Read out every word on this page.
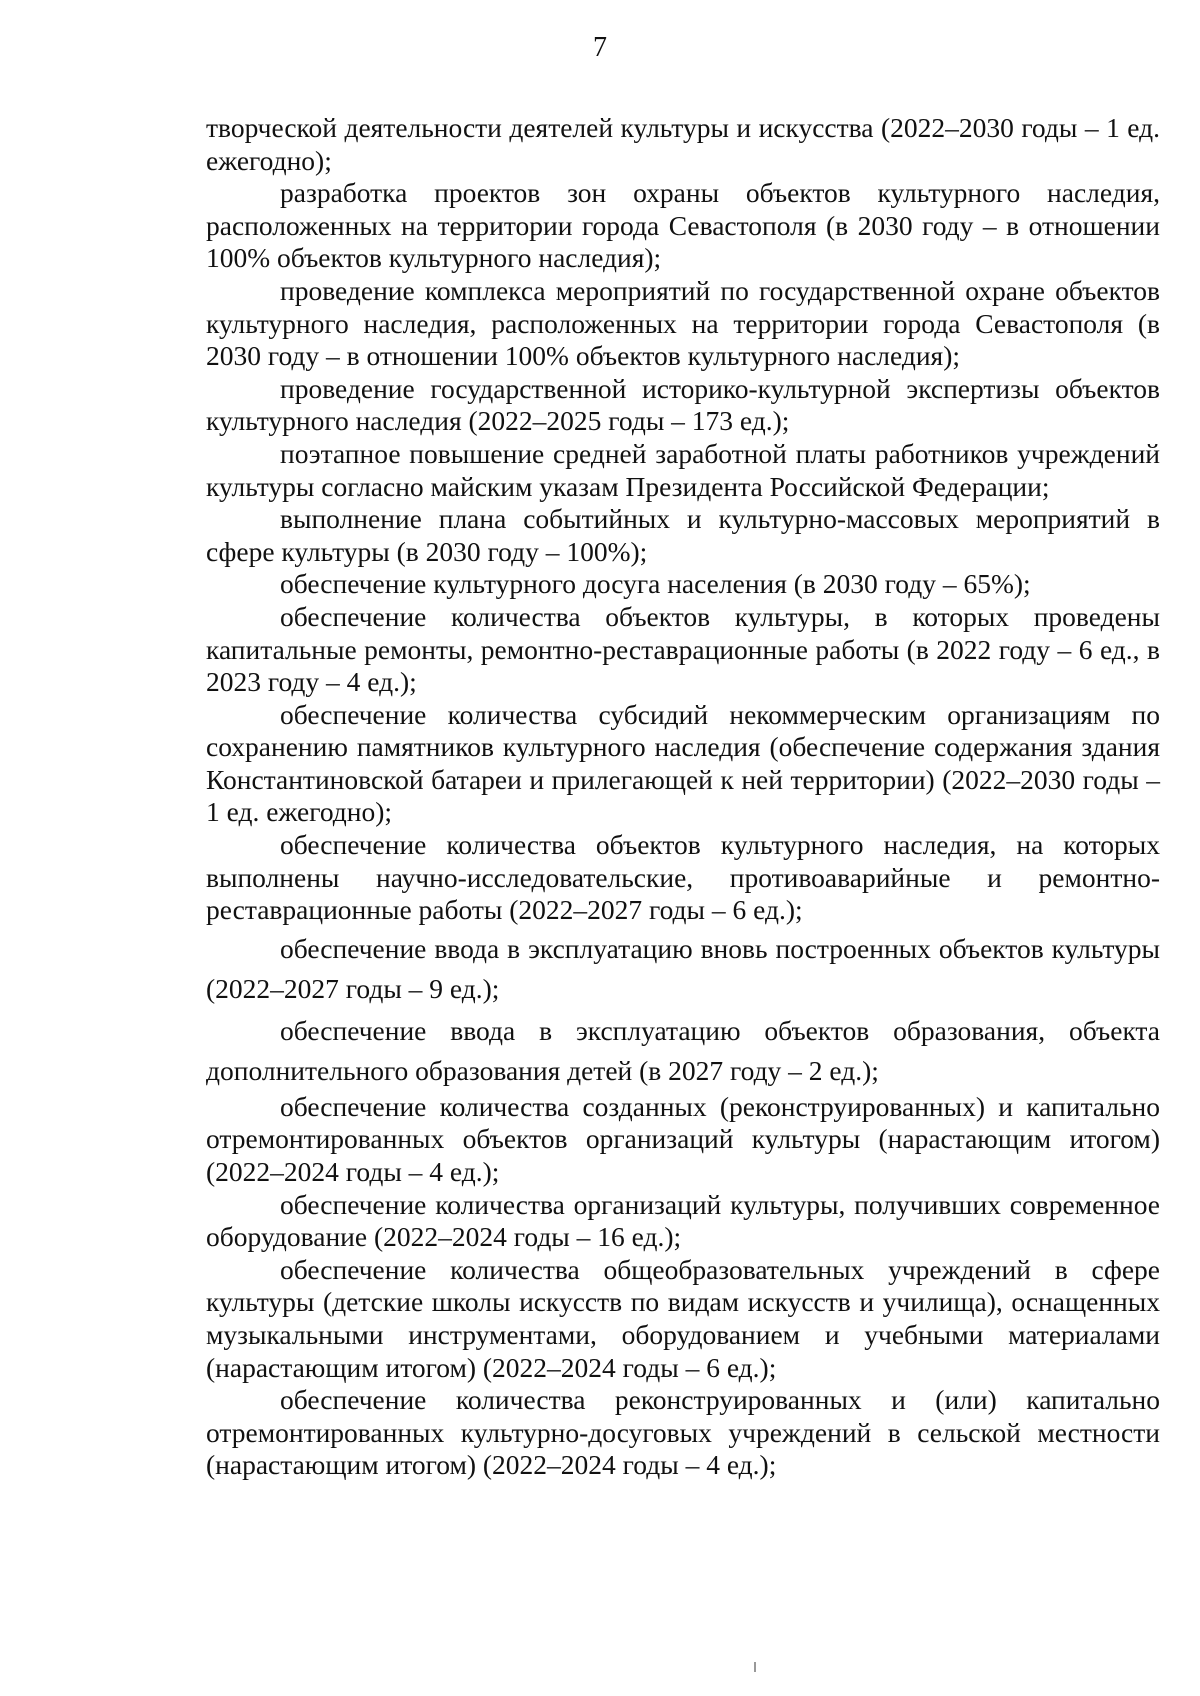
7

творческой деятельности деятелей культуры и искусства (2022–2030 годы – 1 ед. ежегодно);

разработка проектов зон охраны объектов культурного наследия, расположенных на территории города Севастополя (в 2030 году – в отношении 100% объектов культурного наследия);

проведение комплекса мероприятий по государственной охране объектов культурного наследия, расположенных на территории города Севастополя (в 2030 году – в отношении 100% объектов культурного наследия);

проведение государственной историко-культурной экспертизы объектов культурного наследия (2022–2025 годы – 173 ед.);

поэтапное повышение средней заработной платы работников учреждений культуры согласно майским указам Президента Российской Федерации;

выполнение плана событийных и культурно-массовых мероприятий в сфере культуры (в 2030 году – 100%);

обеспечение культурного досуга населения (в 2030 году – 65%);

обеспечение количества объектов культуры, в которых проведены капитальные ремонты, ремонтно-реставрационные работы (в 2022 году – 6 ед., в 2023 году – 4 ед.);

обеспечение количества субсидий некоммерческим организациям по сохранению памятников культурного наследия (обеспечение содержания здания Константиновской батареи и прилегающей к ней территории) (2022–2030 годы – 1 ед. ежегодно);

обеспечение количества объектов культурного наследия, на которых выполнены научно-исследовательские, противоаварийные и ремонтно-реставрационные работы (2022–2027 годы – 6 ед.);

обеспечение ввода в эксплуатацию вновь построенных объектов культуры (2022–2027 годы – 9 ед.);

обеспечение ввода в эксплуатацию объектов образования, объекта дополнительного образования детей (в 2027 году – 2 ед.);

обеспечение количества созданных (реконструированных) и капитально отремонтированных объектов организаций культуры (нарастающим итогом) (2022–2024 годы – 4 ед.);

обеспечение количества организаций культуры, получивших современное оборудование (2022–2024 годы – 16 ед.);

обеспечение количества общеобразовательных учреждений в сфере культуры (детские школы искусств по видам искусств и училища), оснащенных музыкальными инструментами, оборудованием и учебными материалами (нарастающим итогом) (2022–2024 годы – 6 ед.);

обеспечение количества реконструированных и (или) капитально отремонтированных культурно-досуговых учреждений в сельской местности (нарастающим итогом) (2022–2024 годы – 4 ед.);
